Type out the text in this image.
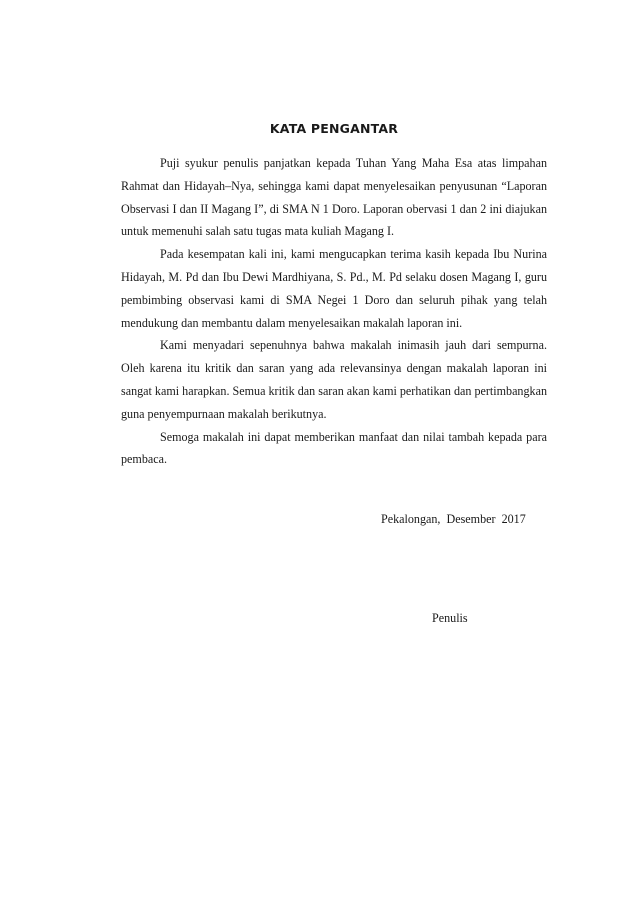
KATA PENGANTAR

Puji syukur penulis panjatkan kepada Tuhan Yang Maha Esa atas limpahan Rahmat dan Hidayah–Nya, sehingga kami dapat menyelesaikan penyusunan “Laporan Observasi I dan II Magang I”, di SMA N 1 Doro. Laporan obervasi 1 dan 2 ini diajukan untuk memenuhi salah satu tugas mata kuliah Magang I.

Pada kesempatan kali ini, kami mengucapkan terima kasih kepada Ibu Nurina Hidayah, M. Pd dan Ibu Dewi Mardhiyana, S. Pd., M. Pd selaku dosen Magang I, guru pembimbing observasi kami di SMA Negei 1 Doro dan seluruh pihak yang telah mendukung dan membantu dalam menyelesaikan makalah laporan ini.

Kami menyadari sepenuhnya bahwa makalah inimasih jauh dari sempurna. Oleh karena itu kritik dan saran yang ada relevansinya dengan makalah laporan ini sangat kami harapkan. Semua kritik dan saran akan kami perhatikan dan pertimbangkan guna penyempurnaan makalah berikutnya.

Semoga makalah ini dapat memberikan manfaat dan nilai tambah kepada para pembaca.

Pekalongan,  Desember  2017
Penulis
